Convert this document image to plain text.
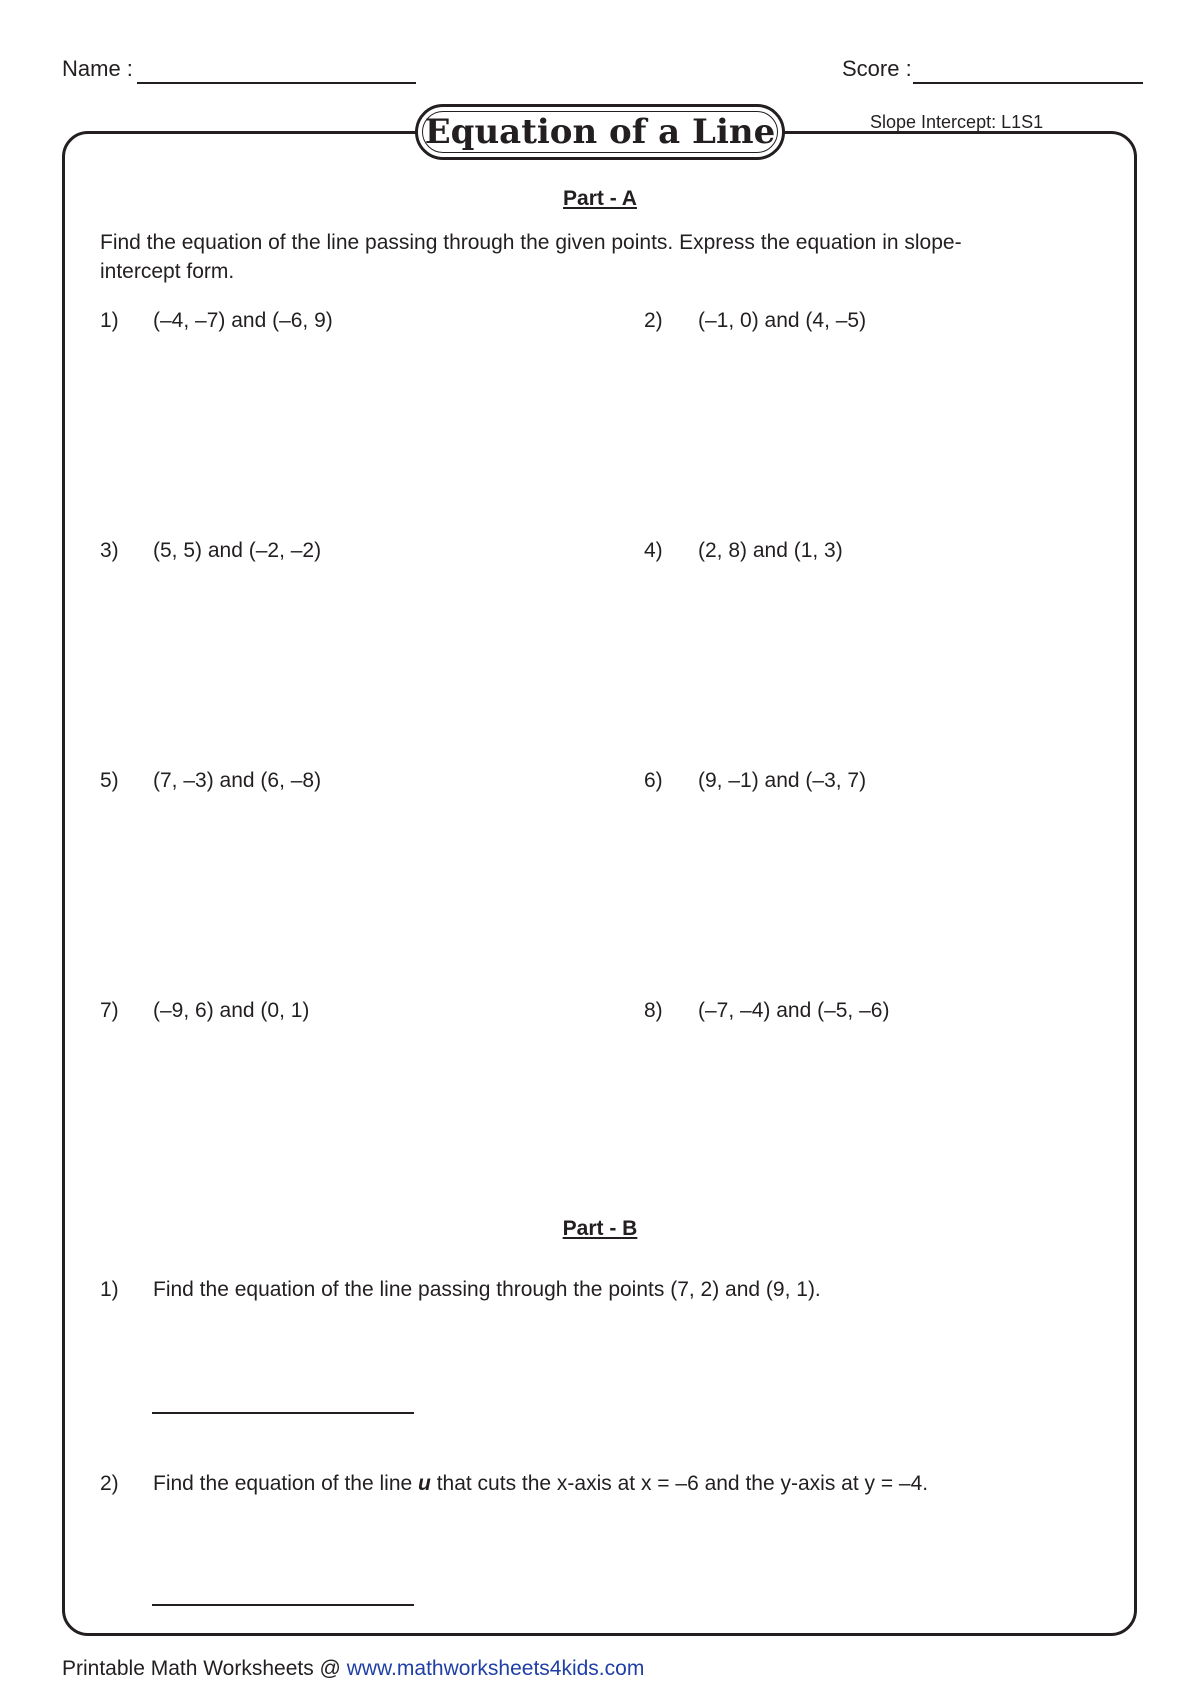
Name :	Score :
Equation of a Line	Slope Intercept: L1S1
Part - A
Find the equation of the line passing through the given points. Express the equation in slope-intercept form.
1) (–4, –7) and (–6, 9)	2) (–1, 0) and (4, –5)
3) (5, 5) and (–2, –2)	4) (2, 8) and (1, 3)
5) (7, –3) and (6, –8)	6) (9, –1) and (–3, 7)
7) (–9, 6) and (0, 1)	8) (–7, –4) and (–5, –6)
Part - B
1) Find the equation of the line passing through the points (7, 2) and (9, 1).
2) Find the equation of the line u that cuts the x-axis at x = –6 and the y-axis at y = –4.
Printable Math Worksheets @ www.mathworksheets4kids.com
